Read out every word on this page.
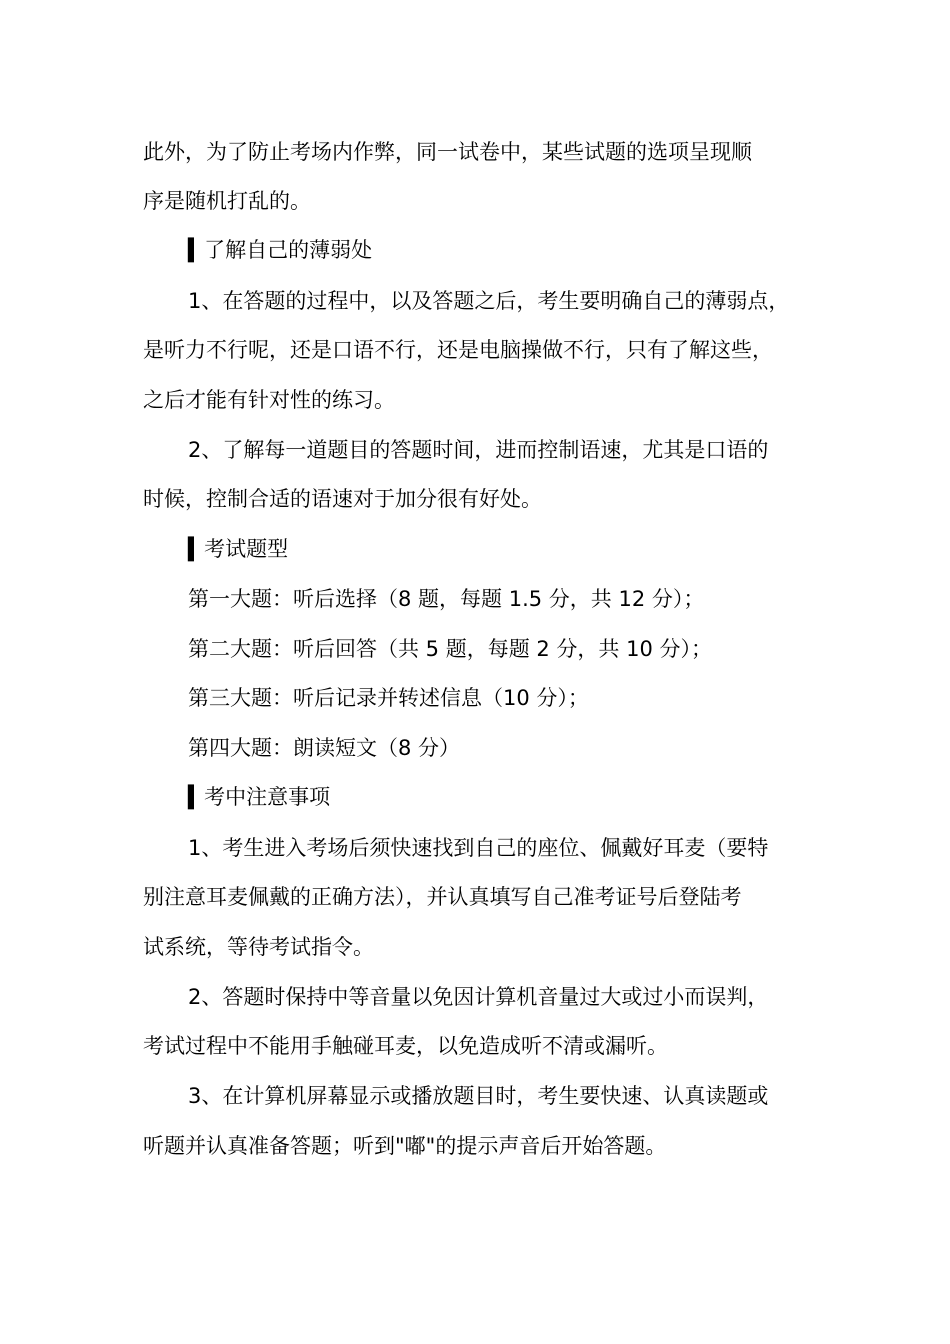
此外，为了防止考场内作弊，同一试卷中，某些试题的选项呈现顺

序是随机打乱的。

▍了解自己的薄弱处

1、在答题的过程中，以及答题之后，考生要明确自己的薄弱点，

是听力不行呢，还是口语不行，还是电脑操做不行，只有了解这些，

之后才能有针对性的练习。

2、了解每一道题目的答题时间，进而控制语速，尤其是口语的

时候，控制合适的语速对于加分很有好处。

▍考试题型

第一大题：听后选择（8 题，每题 1.5 分，共 12 分）；

第二大题：听后回答（共 5 题，每题 2 分，共 10 分）；

第三大题：听后记录并转述信息（10 分）；

第四大题：朗读短文（8 分）

▍考中注意事项

1、考生进入考场后须快速找到自己的座位、佩戴好耳麦（要特

别注意耳麦佩戴的正确方法），并认真填写自己准考证号后登陆考

试系统，等待考试指令。

2、答题时保持中等音量以免因计算机音量过大或过小而误判，

考试过程中不能用手触碰耳麦，以免造成听不清或漏听。

3、在计算机屏幕显示或播放题目时，考生要快速、认真读题或

听题并认真准备答题；听到"嘟"的提示声音后开始答题。
